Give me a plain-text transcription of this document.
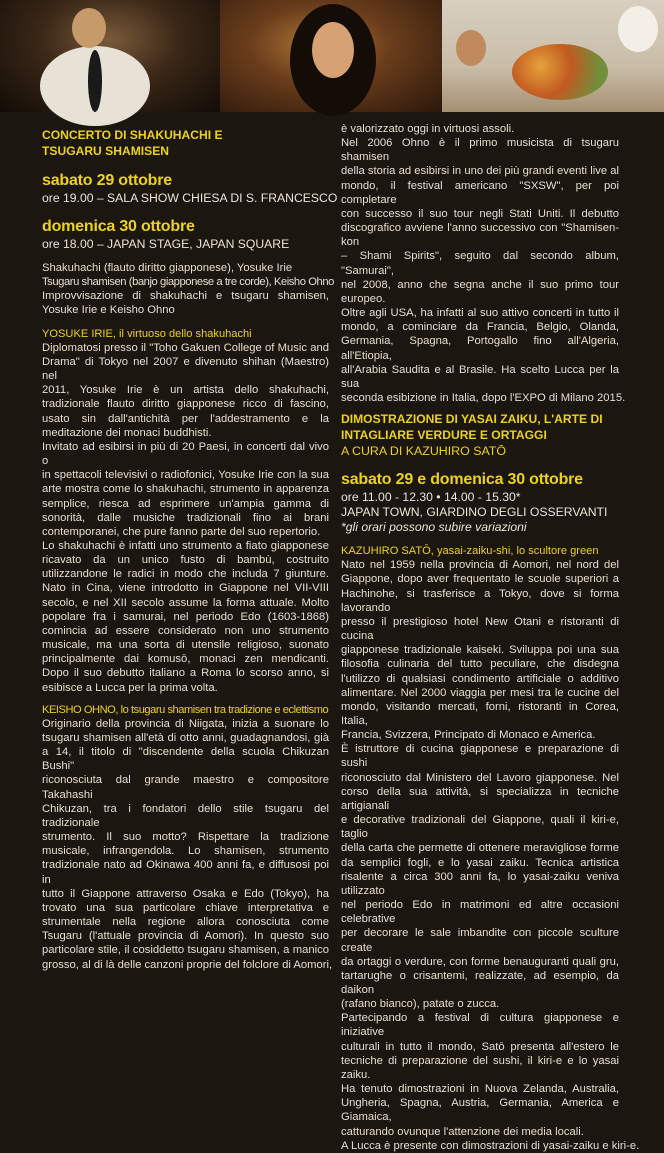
CONCERTO DI SHAKUHACHI E
TSUGARU SHAMISEN
sabato 29 ottobre
ore 19.00 – SALA SHOW CHIESA DI S. FRANCESCO
domenica 30 ottobre
ore 18.00 – JAPAN STAGE, JAPAN SQUARE
Shakuhachi (flauto diritto giapponese), Yosuke Irie
Tsugaru shamisen (banjo giapponese a tre corde), Keisho Ohno
Improvvisazione di shakuhachi e tsugaru shamisen,
Yosuke Irie e Keisho Ohno
YOSUKE IRIE, il virtuoso dello shakuhachi
Diplomatosi presso il "Toho Gakuen College of Music and
Drama" di Tokyo nel 2007 e divenuto shihan (Maestro) nel
2011, Yosuke Irie è un artista dello shakuhachi,
tradizionale flauto diritto giapponese ricco di fascino,
usato sin dall'antichità per l'addestramento e la
meditazione dei monaci buddhisti.
Invitato ad esibirsi in più di 20 Paesi, in concerti dal vivo o
in spettacoli televisivi o radiofonici, Yosuke Irie con la sua
arte mostra come lo shakuhachi, strumento in apparenza
semplice, riesca ad esprimere un'ampia gamma di
sonorità, dalle musiche tradizionali fino ai brani
contemporanei, che pure fanno parte del suo repertorio.
Lo shakuhachi è infatti uno strumento a fiato giapponese
ricavato da un unico fusto di bambù, costruito
utilizzandone le radici in modo che includa 7 giunture.
Nato in Cina, viene introdotto in Giappone nel VII-VIII
secolo, e nel XII secolo assume la forma attuale. Molto
popolare fra i samurai, nel periodo Edo (1603-1868)
comincia ad essere considerato non uno strumento
musicale, ma una sorta di utensile religioso, suonato
principalmente dai komusō, monaci zen mendicanti.
Dopo il suo debutto italiano a Roma lo scorso anno, si
esibisce a Lucca per la prima volta.
KEISHO OHNO, lo tsugaru shamisen tra tradizione e eclettismo
Originario della provincia di Niigata, inizia a suonare lo
tsugaru shamisen all'età di otto anni, guadagnandosi, già
a 14, il titolo di "discendente della scuola Chikuzan Bushi"
riconosciuta dal grande maestro e compositore Takahashi
Chikuzan, tra i fondatori dello stile tsugaru del tradizionale
strumento. Il suo motto? Rispettare la tradizione
musicale, infrangendola. Lo shamisen, strumento
tradizionale nato ad Okinawa 400 anni fa, e diffusosi poi in
tutto il Giappone attraverso Osaka e Edo (Tokyo), ha
trovato una sua particolare chiave interpretativa e
strumentale nella regione allora conosciuta come
Tsugaru (l'attuale provincia di Aomori). In questo suo
particolare stile, il cosiddetto tsugaru shamisen, a manico
grosso, al di là delle canzoni proprie del folclore di Aomori,
è valorizzato oggi in virtuosi assoli.
Nel 2006 Ohno è il primo musicista di tsugaru shamisen
della storia ad esibirsi in uno dei più grandi eventi live al
mondo, il festival americano "SXSW", per poi completare
con successo il suo tour negli Stati Uniti. Il debutto
discografico avviene l'anno successivo con "Shamisen-kon
– Shami Spirits", seguito dal secondo album, "Samurai",
nel 2008, anno che segna anche il suo primo tour europeo.
Oltre agli USA, ha infatti al suo attivo concerti in tutto il
mondo, a cominciare da Francia, Belgio, Olanda,
Germania, Spagna, Portogallo fino all'Algeria, all'Etiopia,
all'Arabia Saudita e al Brasile. Ha scelto Lucca per la sua
seconda esibizione in Italia, dopo l'EXPO di Milano 2015.
DIMOSTRAZIONE DI YASAI ZAIKU, L'ARTE DI
INTAGLIARE VERDURE E ORTAGGI
A CURA DI KAZUHIRO SATŌ
sabato 29 e domenica 30 ottobre
ore 11.00 - 12.30 • 14.00 - 15.30*
JAPAN TOWN, GIARDINO DEGLI OSSERVANTI
*gli orari possono subire variazioni
KAZUHIRO SATŌ, yasai-zaiku-shi, lo scultore green
Nato nel 1959 nella provincia di Aomori, nel nord del
Giappone, dopo aver frequentato le scuole superiori a
Hachinohe, si trasferisce a Tokyo, dove si forma lavorando
presso il prestigioso hotel New Otani e ristoranti di cucina
giapponese tradizionale kaiseki. Sviluppa poi una sua
filosofia culinaria del tutto peculiare, che disdegna
l'utilizzo di qualsiasi condimento artificiale o additivo
alimentare. Nel 2000 viaggia per mesi tra le cucine del
mondo, visitando mercati, forni, ristoranti in Corea, Italia,
Francia, Svizzera, Principato di Monaco e America.
È istruttore di cucina giapponese e preparazione di sushi
riconosciuto dal Ministero del Lavoro giapponese. Nel
corso della sua attività, si specializza in tecniche artigianali
e decorative tradizionali del Giappone, quali il kiri-e, taglio
della carta che permette di ottenere meravigliose forme
da semplici fogli, e lo yasai zaiku. Tecnica artistica
risalente a circa 300 anni fa, lo yasai-zaiku veniva utilizzato
nel periodo Edo in matrimoni ed altre occasioni celebrative
per decorare le sale imbandite con piccole sculture create
da ortaggi o verdure, con forme benauguranti quali gru,
tartarughe o crisantemi, realizzate, ad esempio, da daikon
(rafano bianco), patate o zucca.
Partecipando a festival di cultura giapponese e iniziative
culturali in tutto il mondo, Satō presenta all'estero le
tecniche di preparazione del sushi, il kiri-e e lo yasai zaiku.
Ha tenuto dimostrazioni in Nuova Zelanda, Australia,
Ungheria, Spagna, Austria, Germania, America e Giamaica,
catturando ovunque l'attenzione dei media locali.
A Lucca è presente con dimostrazioni di yasai-zaiku e kiri-e.
